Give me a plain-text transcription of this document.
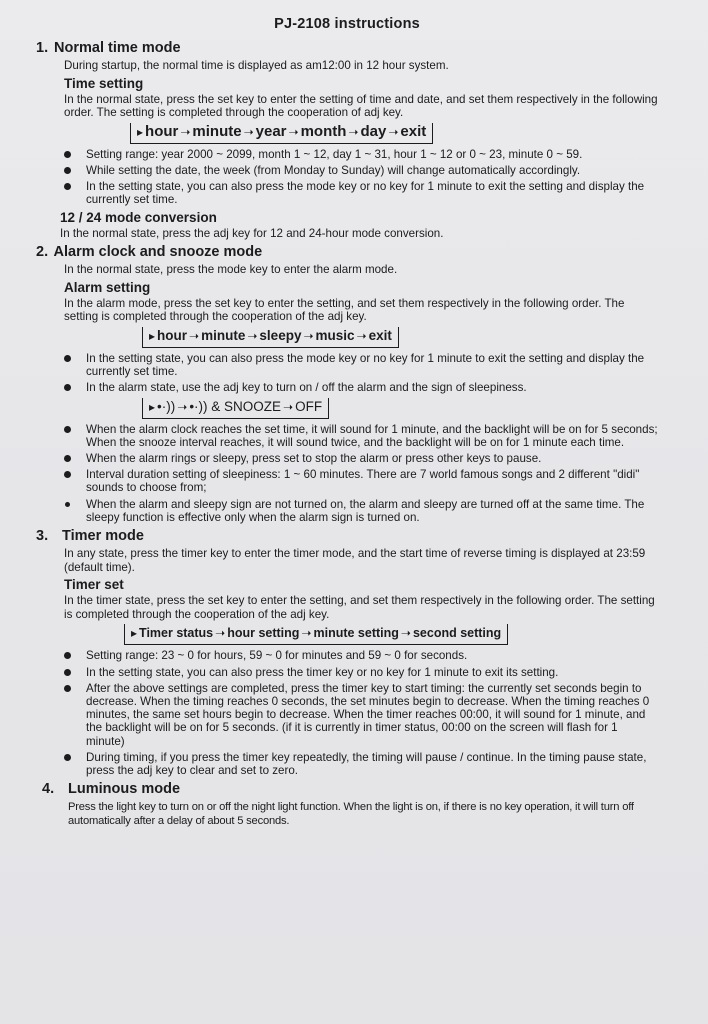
PJ-2108 instructions
1. Normal time mode
During startup, the normal time is displayed as am12:00 in 12 hour system.
Time setting
In the normal state, press the set key to enter the setting of time and date, and set them respectively in the following order. The setting is completed through the cooperation of adj key.
▸ hour ➝ minute ➝ year ➝ month ➝ day ➝ exit
Setting range: year 2000 ~ 2099, month 1 ~ 12, day 1 ~ 31, hour 1 ~ 12 or 0 ~ 23, minute 0 ~ 59.
While setting the date, the week (from Monday to Sunday) will change automatically accordingly.
In the setting state, you can also press the mode key or no key for 1 minute to exit the setting and display the currently set time.
12 / 24 mode conversion
In the normal state, press the adj key for 12 and 24-hour mode conversion.
2. Alarm clock and snooze mode
In the normal state, press the mode key to enter the alarm mode.
Alarm setting
In the alarm mode, press the set key to enter the setting, and set them respectively in the following order. The setting is completed through the cooperation of the adj key.
▸ hour ➝ minute ➝ sleepy ➝ music ➝ exit
In the setting state, you can also press the mode key or no key for 1 minute to exit the setting and display the currently set time.
In the alarm state, use the adj key to turn on / off the alarm and the sign of sleepiness.
▸ •·)) ➝ •·)) & SNOOZE ➝ OFF
When the alarm clock reaches the set time, it will sound for 1 minute, and the backlight will be on for 5 seconds; When the snooze interval reaches, it will sound twice, and the backlight will be on for 1 minute each time.
When the alarm rings or sleepy, press set to stop the alarm or press other keys to pause.
Interval duration setting of sleepiness: 1 ~ 60 minutes. There are 7 world famous songs and 2 different "didi" sounds to choose from;
When the alarm and sleepy sign are not turned on, the alarm and sleepy are turned off at the same time. The sleepy function is effective only when the alarm sign is turned on.
3. Timer mode
In any state, press the timer key to enter the timer mode, and the start time of reverse timing is displayed at 23:59 (default time).
Timer set
In the timer state, press the set key to enter the setting, and set them respectively in the following order. The setting is completed through the cooperation of the adj key.
▸ Timer status ➝ hour setting ➝ minute setting ➝ second setting
Setting range: 23 ~ 0 for hours, 59 ~ 0 for minutes and 59 ~ 0 for seconds.
In the setting state, you can also press the timer key or no key for 1 minute to exit its setting.
After the above settings are completed, press the timer key to start timing: the currently set seconds begin to decrease. When the timing reaches 0 seconds, the set minutes begin to decrease. When the timing reaches 0 minutes, the same set hours begin to decrease. When the timer reaches 00:00, it will sound for 1 minute, and the backlight will be on for 5 seconds. (if it is currently in timer status, 00:00 on the screen will flash for 1 minute)
During timing, if you press the timer key repeatedly, the timing will pause / continue. In the timing pause state, press the adj key to clear and set to zero.
4. Luminous mode
Press the light key to turn on or off the night light function. When the light is on, if there is no key operation, it will turn off automatically after a delay of about 5 seconds.
